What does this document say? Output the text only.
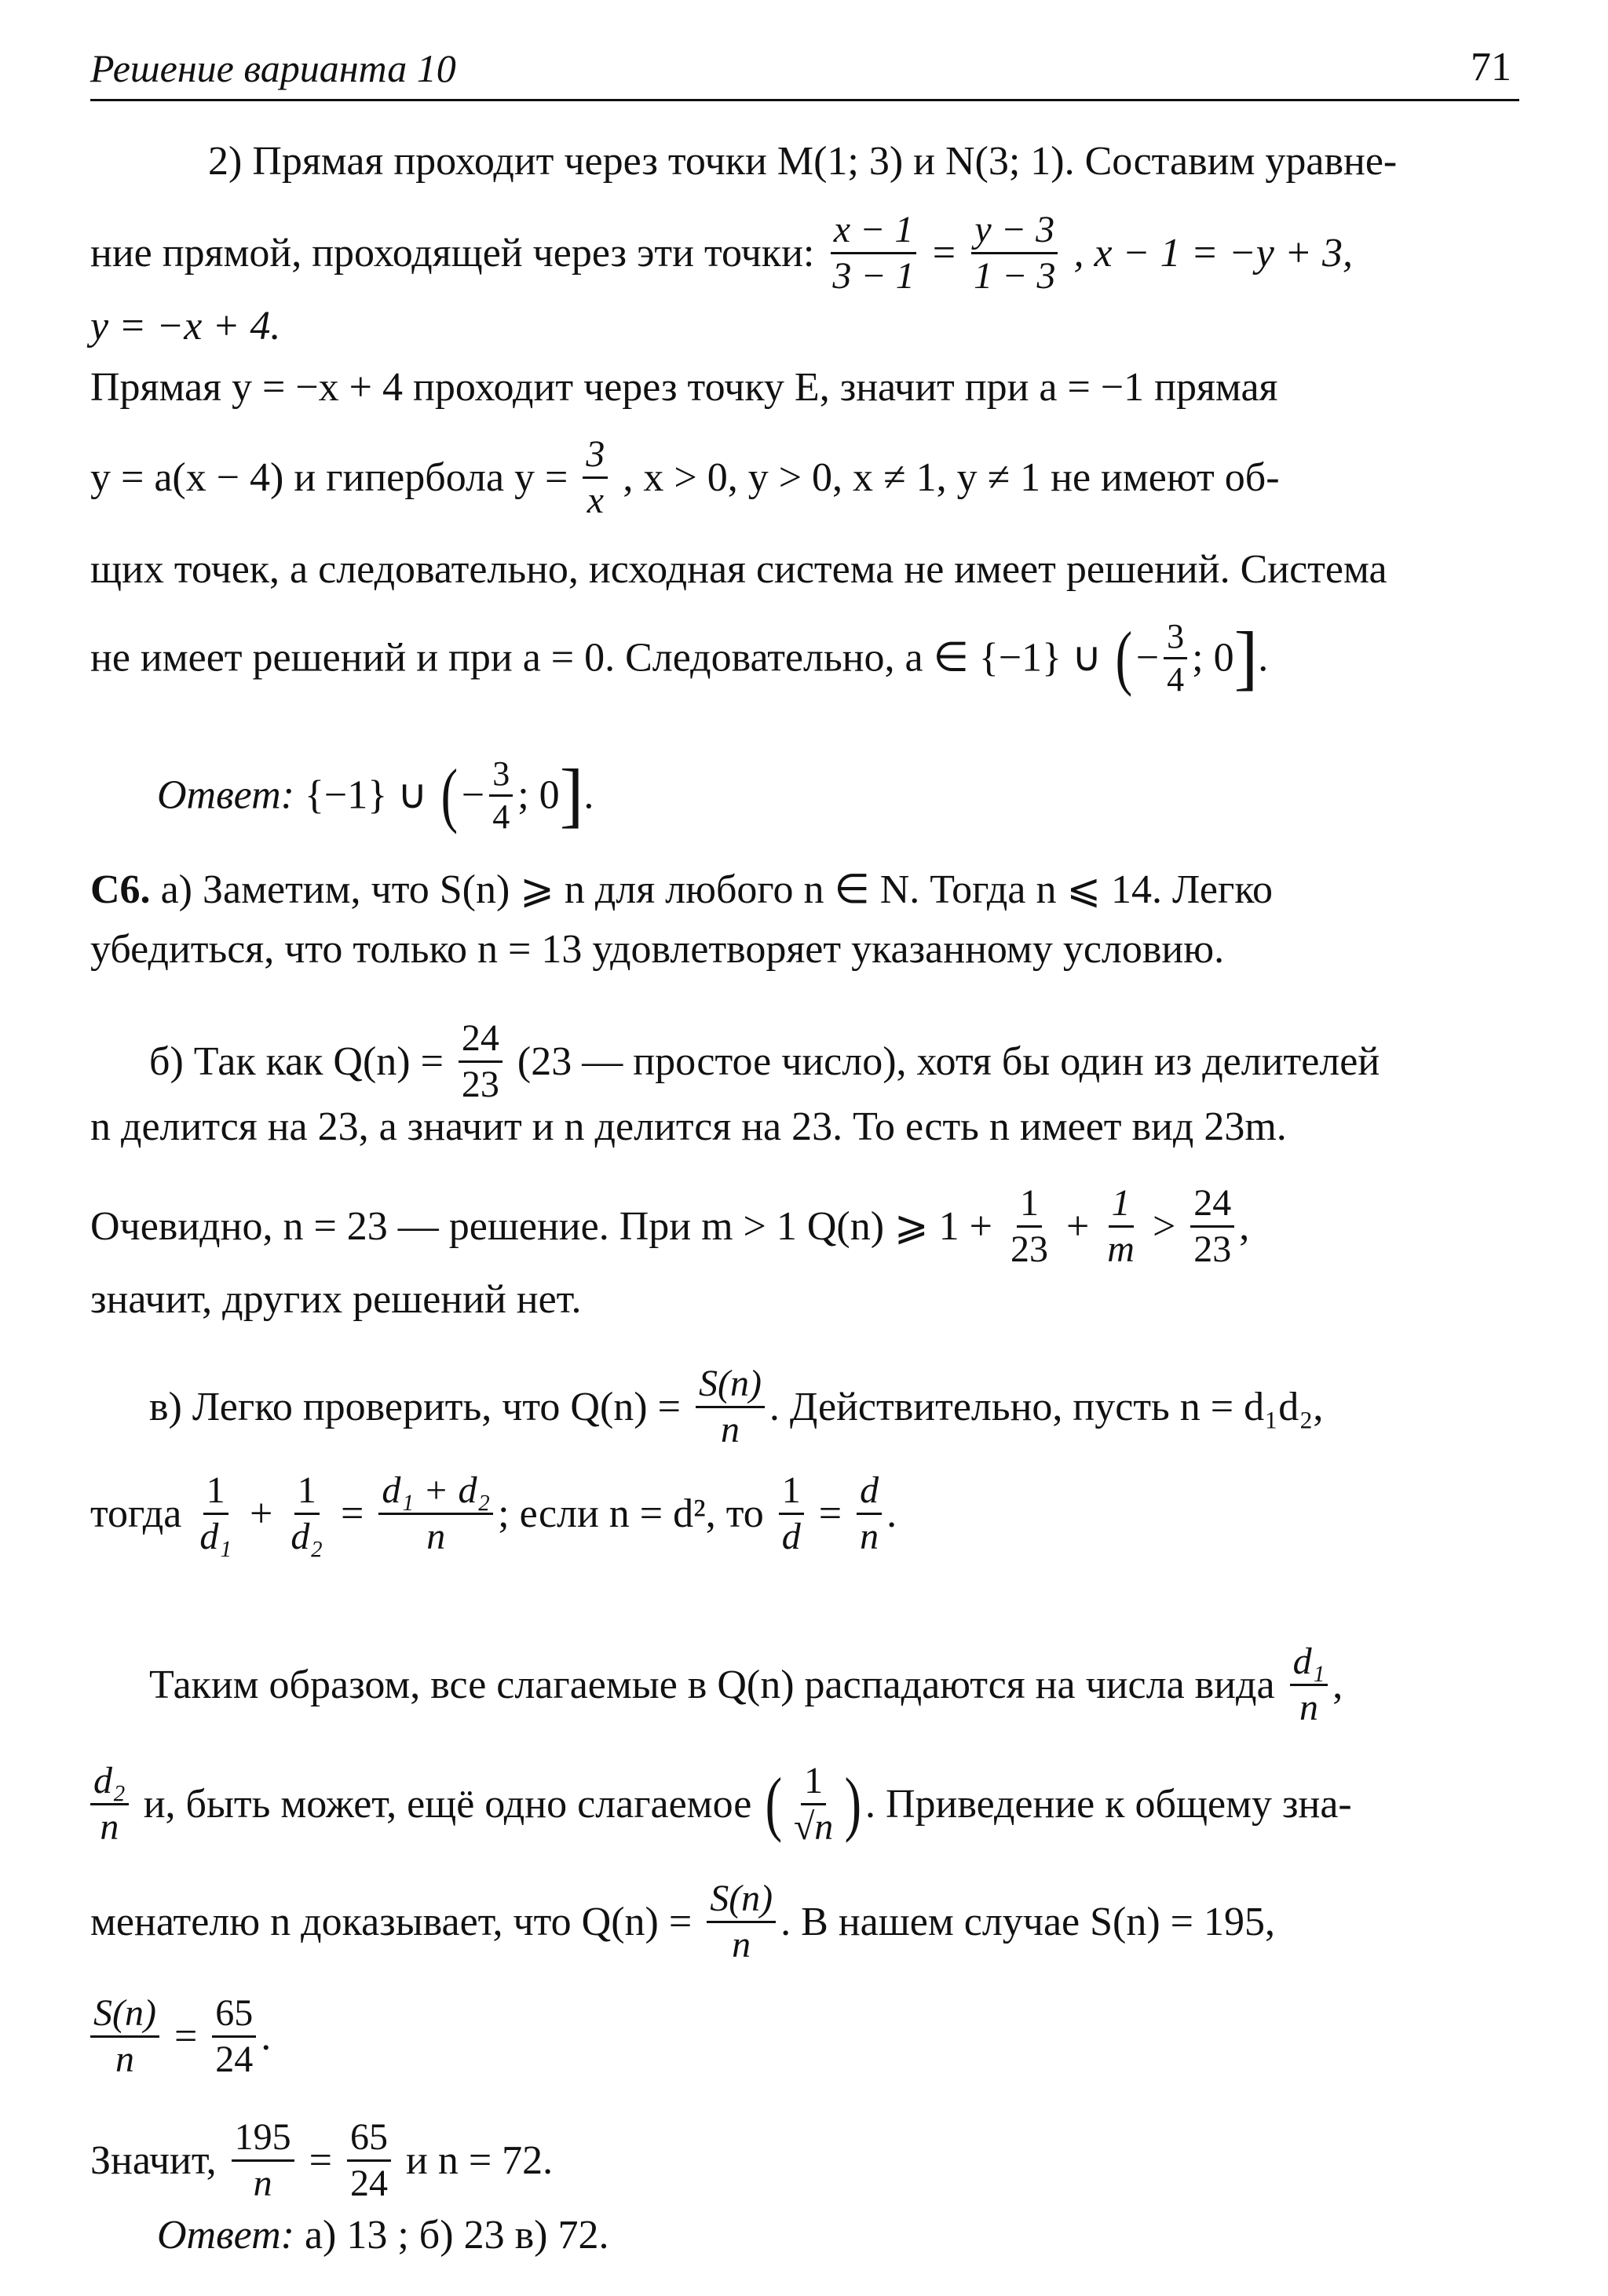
Решение варианта 10	71
2) Прямая проходит через точки M(1; 3) и N(3; 1). Составим уравне-
ние прямой, проходящей через эти точки: $\frac{x - 1}{3 - 1} = \frac{y - 3}{1 - 3}$ , x − 1 = −y + 3,
y = −x + 4.
Прямая y = −x + 4 проходит через точку E, значит при a = −1 прямая
y = a(x − 4) и гипербола $y = \frac{3}{x}$ , x > 0, y > 0, x ≠ 1, y ≠ 1 не имеют об-
щих точек, а следовательно, исходная система не имеет решений. Система
не имеет решений и при a = 0. Следовательно, a ∈ {−1} ∪ (− $\frac{3}{4}$ ; 0].
Ответ: {−1} ∪ (− $\frac{3}{4}$ ; 0].
С6. а) Заметим, что S(n) ⩾ n для любого n ∈ N. Тогда n ⩽ 14. Легко
убедиться, что только n = 13 удовлетворяет указанному условию.
б) Так как $Q(n) = \frac{24}{23} (23$ — простое число), хотя бы один из делителей
n делится на 23, а значит и n делится на 23. То есть n имеет вид 23m.
Очевидно, n = 23 — решение. При m > 1 Q(n) ⩾ $1 + \frac{1}{23} + \frac{1}{m} > \frac{24}{23}$ ,
значит, других решений нет.
в) Легко проверить, что $Q(n) = \frac{S(n)}{n}$ . Действительно, пусть n = d₁d₂,
тогда $\frac{1}{\text{d₁}} + \frac{1}{\text{d₂}} = \frac{\text{d₁ + d₂}}{n}$ ; если n = d², то $\frac{1}{d} = \frac{d}{n}$ .
Таким образом, все слагаемые в Q(n) распадаются на числа вида $\frac{\text{d₁}}{n}$ ,
$\frac{\text{d₂}}{n} и$, быть может, ещё одно слагаемое ( $\frac{1}{√n}$ ). Приведение к общему зна-
менателю n доказывает, что $Q(n) = \frac{S(n)}{n}$ . В нашем случае S(n) = 195,
$\frac{S(n)}{n} = \frac{65}{24}$ .
Значит, $\frac{195}{n} = \frac{65}{24}$ и n = 72.
Ответ: а) 13 ; б) 23 в) 72.
